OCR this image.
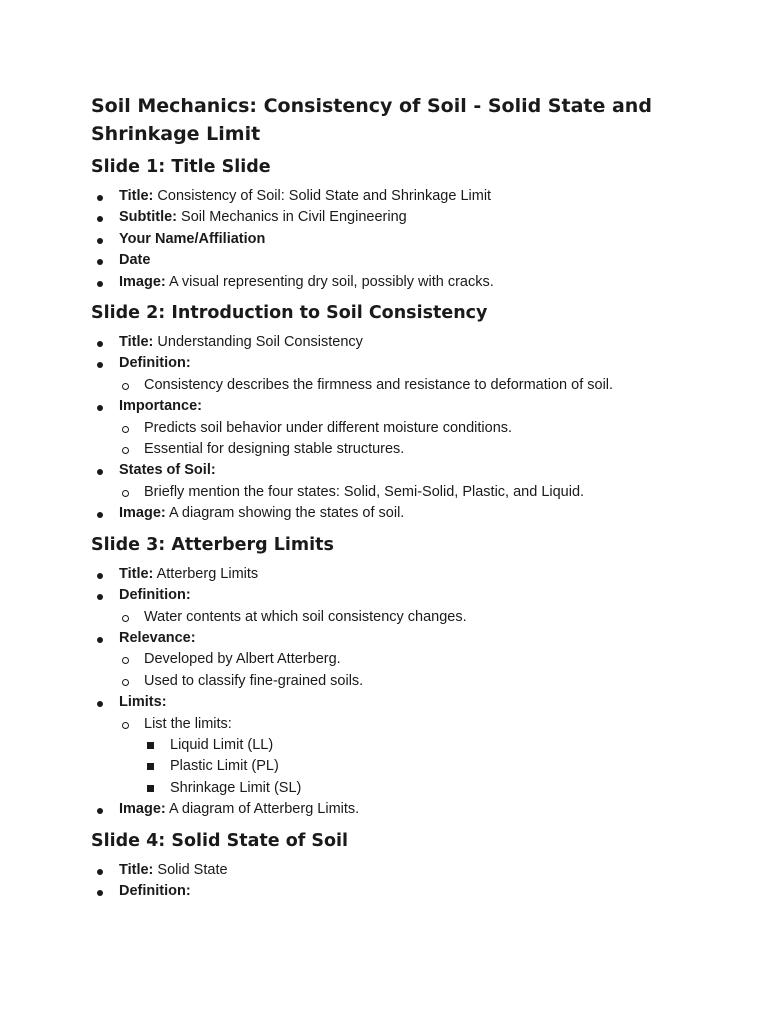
Soil Mechanics: Consistency of Soil - Solid State and Shrinkage Limit
Slide 1: Title Slide
Title: Consistency of Soil: Solid State and Shrinkage Limit
Subtitle: Soil Mechanics in Civil Engineering
Your Name/Affiliation
Date
Image: A visual representing dry soil, possibly with cracks.
Slide 2: Introduction to Soil Consistency
Title: Understanding Soil Consistency
Definition:
Consistency describes the firmness and resistance to deformation of soil.
Importance:
Predicts soil behavior under different moisture conditions.
Essential for designing stable structures.
States of Soil:
Briefly mention the four states: Solid, Semi-Solid, Plastic, and Liquid.
Image: A diagram showing the states of soil.
Slide 3: Atterberg Limits
Title: Atterberg Limits
Definition:
Water contents at which soil consistency changes.
Relevance:
Developed by Albert Atterberg.
Used to classify fine-grained soils.
Limits:
List the limits:
Liquid Limit (LL)
Plastic Limit (PL)
Shrinkage Limit (SL)
Image: A diagram of Atterberg Limits.
Slide 4: Solid State of Soil
Title: Solid State
Definition:
